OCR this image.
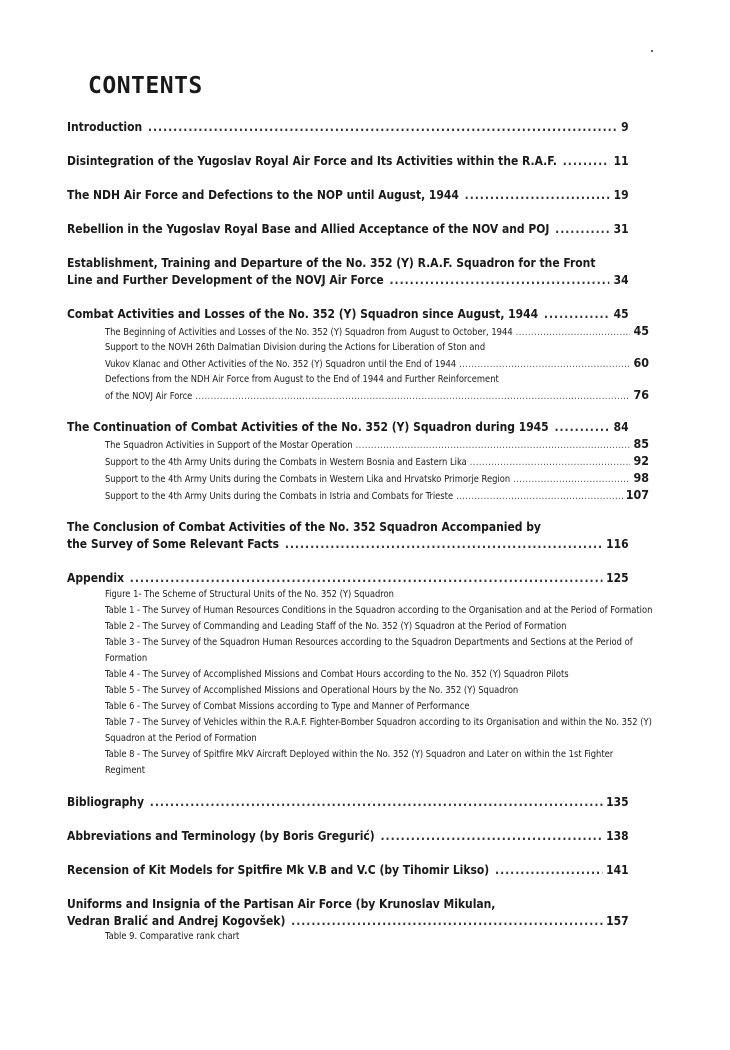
CONTENTS
Introduction .....	9
Disintegration of the Yugoslav Royal Air Force and Its Activities within the R.A.F. .....	11
The NDH Air Force and Defections to the NOP until August, 1944 .....	19
Rebellion in the Yugoslav Royal Base and Allied Acceptance of the NOV and POJ .....	31
Establishment, Training and Departure of the No. 352 (Y) R.A.F. Squadron for the Front
Line and Further Development of the NOVJ Air Force .....	34
Combat Activities and Losses of the No. 352 (Y) Squadron since August, 1944 .....	45
The Beginning of Activities and Losses of the No. 352 (Y) Squadron from August to October, 1944 .....	45
Support to the NOVH 26th Dalmatian Division during the Actions for Liberation of Ston and
Vukov Klanac and Other Activities of the No. 352 (Y) Squadron until the End of 1944 .....	60
Defections from the NDH Air Force from August to the End of 1944 and Further Reinforcement
of the NOVJ Air Force .....	76
The Continuation of Combat Activities of the No. 352 (Y) Squadron during 1945 .....	84
The Squadron Activities in Support of the Mostar Operation .....	85
Support to the 4th Army Units during the Combats in Western Bosnia and Eastern Lika .....	92
Support to the 4th Army Units during the Combats in Western Lika and Hrvatsko Primorje Region .....	98
Support to the 4th Army Units during the Combats in Istria and Combats for Trieste .....	107
The Conclusion of Combat Activities of the No. 352 Squadron Accompanied by
the Survey of Some Relevant Facts .....	116
Appendix .....	125
Figure 1- The Scheme of Structural Units of the No. 352 (Y) Squadron
Table 1 - The Survey of Human Resources Conditions in the Squadron according to the Organisation and at the Period of Formation
Table 2 - The Survey of Commanding and Leading Staff of the No. 352 (Y) Squadron at the Period of Formation
Table 3 - The Survey of the Squadron Human Resources according to the Squadron Departments and Sections at the Period of Formation
Table 4 - The Survey of Accomplished Missions and Combat Hours according to the No. 352 (Y) Squadron Pilots
Table 5 - The Survey of Accomplished Missions and Operational Hours by the No. 352 (Y) Squadron
Table 6 - The Survey of Combat Missions according to Type and Manner of Performance
Table 7 - The Survey of Vehicles within the R.A.F. Fighter-Bomber Squadron according to its Organisation and within the No. 352 (Y) Squadron at the Period of Formation
Table 8 - The Survey of Spitfire MkV Aircraft Deployed within the No. 352 (Y) Squadron and Later on within the 1st Fighter Regiment
Bibliography .....	135
Abbreviations and Terminology (by Boris Gregurić) .....	138
Recension of Kit Models for Spitfire Mk V.B and V.C (by Tihomir Likso) .....	141
Uniforms and Insignia of the Partisan Air Force (by Krunoslav Mikulan,
Vedran Bralić and Andrej Kogovšek) .....	157
Table 9. Comparative rank chart
